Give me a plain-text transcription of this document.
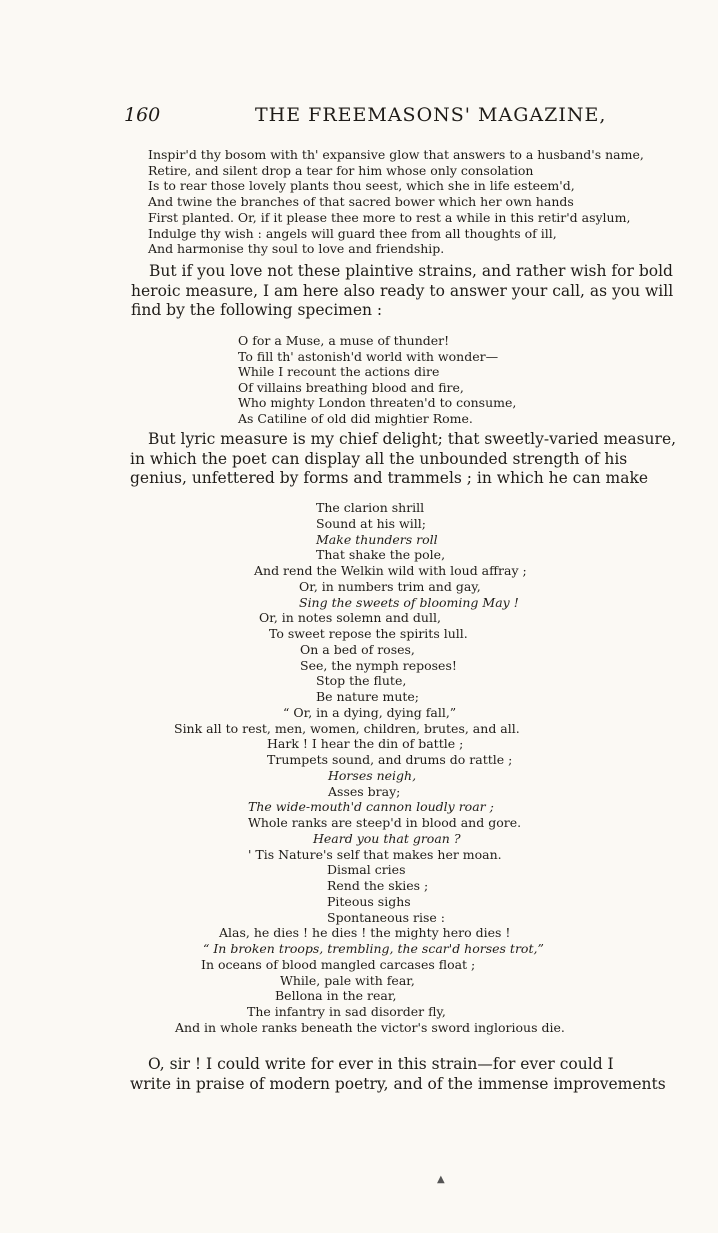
160	THE FREEMASONS' MAGAZINE,
Inspir'd thy bosom with th' expansive glow that answers to a husband's name,
Retire, and silent drop a tear for him whose only consolation
Is to rear those lovely plants thou seest, which she in life esteem'd,
And twine the branches of that sacred bower which her own hands
First planted. Or, if it please thee more to rest a while in this retir'd asylum,
Indulge thy wish : angels will guard thee from all thoughts of ill,
And harmonise thy soul to love and friendship.
But if you love not these plaintive strains, and rather wish for bold
heroic measure, I am here also ready to answer your call, as you will
find by the following specimen :
O for a Muse, a muse of thunder!
To fill th' astonish'd world with wonder—
While I recount the actions dire
Of villains breathing blood and fire,
Who mighty London threaten'd to consume,
As Catiline of old did mightier Rome.
But lyric measure is my chief delight; that sweetly-varied measure,
in which the poet can display all the unbounded strength of his
genius, unfettered by forms and trammels ; in which he can make
The clarion shrill
Sound at his will;
Make thunders roll
That shake the pole,
And rend the Welkin wild with loud affray ;
Or, in numbers trim and gay,
Sing the sweets of blooming May !
Or, in notes solemn and dull,
To sweet repose the spirits lull.
On a bed of roses,
See, the nymph reposes!
Stop the flute,
Be nature mute;
“ Or, in a dying, dying fall,”
Sink all to rest, men, women, children, brutes, and all.
Hark ! I hear the din of battle ;
Trumpets sound, and drums do rattle ;
Horses neigh,
Asses bray;
The wide-mouth'd cannon loudly roar ;
Whole ranks are steep'd in blood and gore.
Heard you that groan ?
' Tis Nature's self that makes her moan.
Dismal cries
Rend the skies ;
Piteous sighs
Spontaneous rise :
Alas, he dies ! he dies ! the mighty hero dies !
“ In broken troops, trembling, the scar'd horses trot,”
In oceans of blood mangled carcases float ;
While, pale with fear,
Bellona in the rear,
The infantry in sad disorder fly,
And in whole ranks beneath the victor's sword inglorious die.
O, sir ! I could write for ever in this strain—for ever could I
write in praise of modern poetry, and of the immense improvements
▲
